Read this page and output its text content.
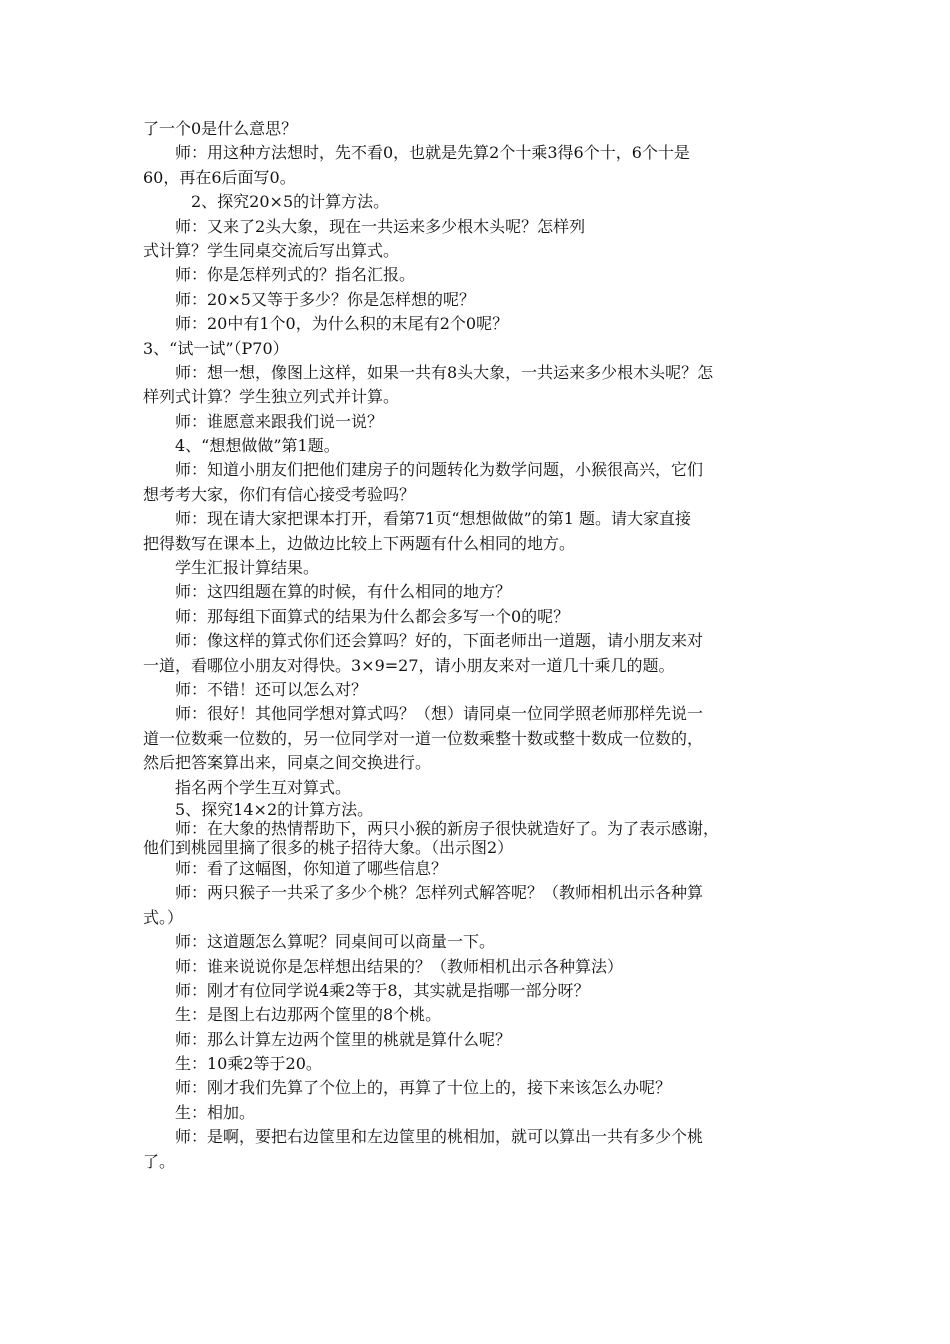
了一个0是什么意思？
师：用这种方法想时，先不看0，也就是先算2个十乘3得6个十，6个十是
60，再在6后面写0。
2、探究20×5的计算方法。
师：又来了2头大象，现在一共运来多少根木头呢？怎样列
式计算？学生同桌交流后写出算式。
师：你是怎样列式的？指名汇报。
师：20×5又等于多少？你是怎样想的呢？
师：20中有1个0，为什么积的末尾有2个0呢？
3、“试一试”（P70）
师：想一想，像图上这样，如果一共有8头大象，一共运来多少根木头呢？怎
样列式计算？学生独立列式并计算。
师：谁愿意来跟我们说一说？
4、“想想做做”第1题。
师：知道小朋友们把他们建房子的问题转化为数学问题，小猴很高兴，它们
想考考大家，你们有信心接受考验吗？
师：现在请大家把课本打开，看第71页“想想做做”的第1 题。请大家直接
把得数写在课本上，边做边比较上下两题有什么相同的地方。
学生汇报计算结果。
师：这四组题在算的时候，有什么相同的地方？
师：那每组下面算式的结果为什么都会多写一个0的呢？
师：像这样的算式你们还会算吗？好的，下面老师出一道题，请小朋友来对
一道，看哪位小朋友对得快。3×9=27，请小朋友来对一道几十乘几的题。
师：不错！还可以怎么对？
师：很好！其他同学想对算式吗？（想）请同桌一位同学照老师那样先说一
道一位数乘一位数的，另一位同学对一道一位数乘整十数或整十数成一位数的，
然后把答案算出来，同桌之间交换进行。
指名两个学生互对算式。
5、探究14×2的计算方法。
师：在大象的热情帮助下，两只小猴的新房子很快就造好了。为了表示感谢，
他们到桃园里摘了很多的桃子招待大象。（出示图2）
师：看了这幅图，你知道了哪些信息？
师：两只猴子一共采了多少个桃？怎样列式解答呢？（教师相机出示各种算
式。）
师：这道题怎么算呢？同桌间可以商量一下。
师：谁来说说你是怎样想出结果的？（教师相机出示各种算法）
师：刚才有位同学说4乘2等于8，其实就是指哪一部分呀？
生：是图上右边那两个筐里的8个桃。
师：那么计算左边两个筐里的桃就是算什么呢？
生：10乘2等于20。
师：刚才我们先算了个位上的，再算了十位上的，接下来该怎么办呢？
生：相加。
师：是啊，要把右边筐里和左边筐里的桃相加，就可以算出一共有多少个桃
了。
